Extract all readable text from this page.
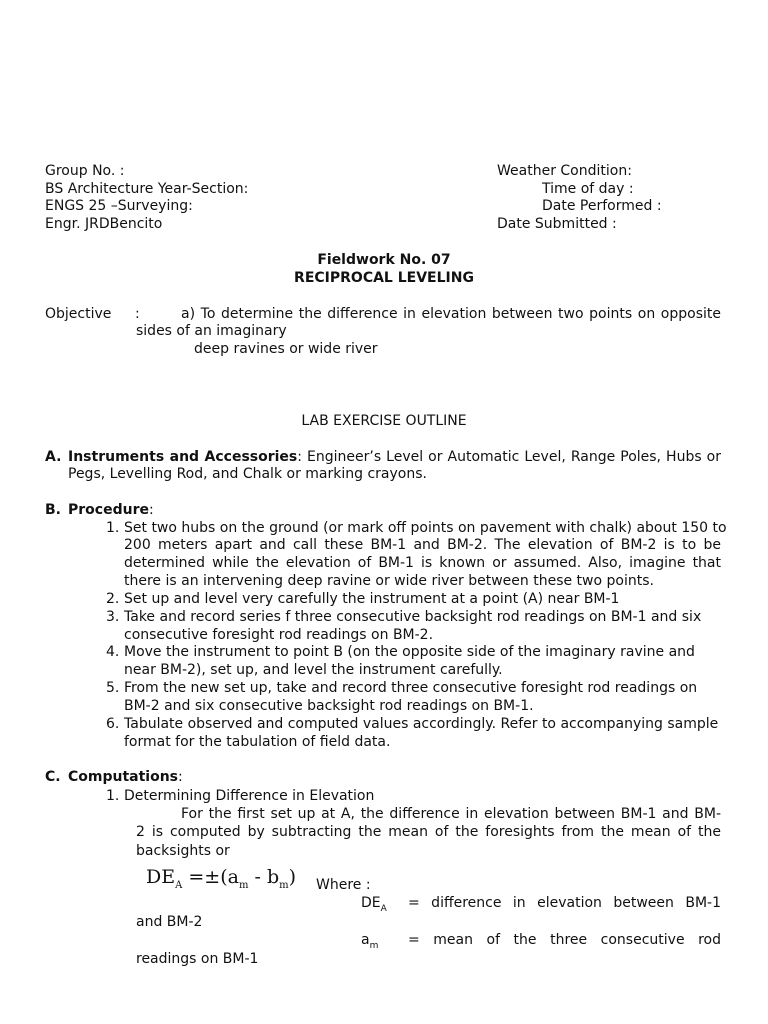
Group No. :
BS Architecture Year-Section:
ENGS 25 –Surveying:
Engr. JRDBencito
Weather Condition:
Time of day :
Date Performed :
Date Submitted :
Fieldwork No. 07
RECIPROCAL LEVELING
Objective :	a) To determine the difference in elevation between two points on opposite
sides of an imaginary
deep ravines or wide river
LAB EXERCISE OUTLINE
A. Instruments and Accessories: Engineer’s Level or Automatic Level, Range Poles, Hubs or
Pegs, Levelling Rod, and Chalk or marking crayons.
B. Procedure:
1. Set two hubs on the ground (or mark off points on pavement with chalk) about 150 to
200 meters apart and call these BM-1 and BM-2. The elevation of BM-2 is to be
determined while the elevation of BM-1 is known or assumed. Also, imagine that
there is an intervening deep ravine or wide river between these two points.
2. Set up and level very carefully the instrument at a point (A) near BM-1
3. Take and record series f three consecutive backsight rod readings on BM-1 and six
consecutive foresight rod readings on BM-2.
4. Move the instrument to point B (on the opposite side of the imaginary ravine and
near BM-2), set up, and level the instrument carefully.
5. From the new set up, take and record three consecutive foresight rod readings on
BM-2 and six consecutive backsight rod readings on BM-1.
6. Tabulate observed and computed values accordingly. Refer to accompanying sample
format for the tabulation of field data.
C. Computations:
1. Determining Difference in Elevation
For the first set up at A, the difference in elevation between BM-1 and BM-
2 is computed by subtracting the mean of the foresights from the mean of the
backsights or
$DE_A =\pm(a_m - b_m)$ Where :
$DE_A$ = difference in elevation between BM-1
and BM-2
$a_m$ = mean of the three consecutive rod
readings on BM-1
